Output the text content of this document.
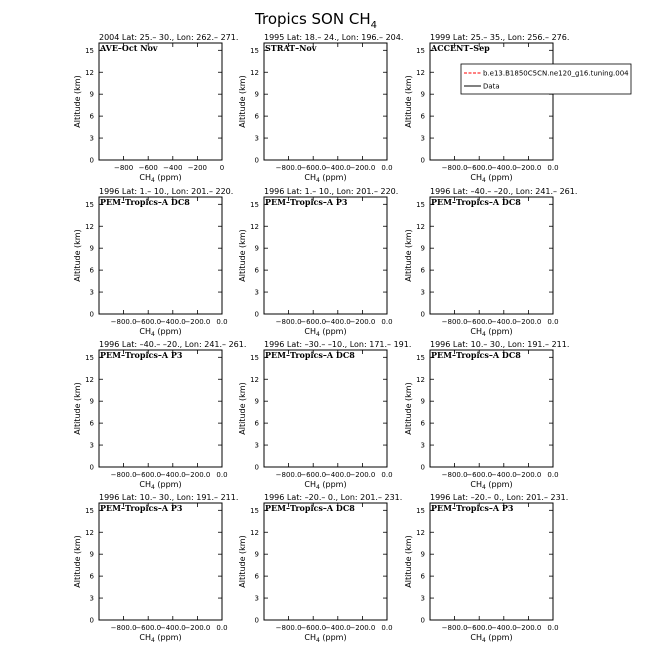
Tropics SON $CH_4$
2004 Lat: 25.– 30., Lon: 262.– 271.
AVE–Oct Nov
−800 −600 −400 −200 0
0
3
6
9
12
15
$CH_4$ (ppm)
Altitude (km)
1995 Lat: 18.– 24., Lon: 196.– 204.
STRAT–Nov
−800.0
−600.0
−400.0
−200.0 0.0
0
3
6
9
12
15
$CH_4$ (ppm)
Altitude (km)
1999 Lat: 25.– 35., Lon: 256.– 276.
ACCENT–Sep
−800.0
−600.0
−400.0
−200.0 0.0
0
3
6
9
12
15
$CH_4$ (ppm)
Altitude (km)
1996 Lat: 1.– 10., Lon: 201.– 220.
PEM–Tropics–A DC8
−800.0
−600.0
−400.0
−200.0 0.0
0
3
6
9
12
15
$CH_4$ (ppm)
Altitude (km)
1996 Lat: 1.– 10., Lon: 201.– 220.
PEM–Tropics–A P3
−800.0
−600.0
−400.0
−200.0 0.0
0
3
6
9
12
15
$CH_4$ (ppm)
Altitude (km)
1996 Lat: –40.– –20., Lon: 241.– 261.
PEM–Tropics–A DC8
−800.0
−600.0
−400.0
−200.0 0.0
0
3
6
9
12
15
$CH_4$ (ppm)
Altitude (km)
1996 Lat: –40.– –20., Lon: 241.– 261.
PEM–Tropics–A P3
−800.0
−600.0
−400.0
−200.0 0.0
0
3
6
9
12
15
$CH_4$ (ppm)
Altitude (km)
1996 Lat: –30.– –10., Lon: 171.– 191.
PEM–Tropics–A DC8
−800.0
−600.0
−400.0
−200.0 0.0
0
3
6
9
12
15
$CH_4$ (ppm)
Altitude (km)
1996 Lat: 10.– 30., Lon: 191.– 211.
PEM–Tropics–A DC8
−800.0
−600.0
−400.0
−200.0 0.0
0
3
6
9
12
15
$CH_4$ (ppm)
Altitude (km)
1996 Lat: 10.– 30., Lon: 191.– 211.
PEM–Tropics–A P3
−800.0
−600.0
−400.0
−200.0 0.0
0
3
6
9
12
15
$CH_4$ (ppm)
Altitude (km)
1996 Lat: –20.– 0., Lon: 201.– 231.
PEM–Tropics–A DC8
−800.0
−600.0
−400.0
−200.0 0.0
0
3
6
9
12
15
$CH_4$ (ppm)
Altitude (km)
1996 Lat: –20.– 0., Lon: 201.– 231.
PEM–Tropics–A P3
−800.0
−600.0
−400.0
−200.0 0.0
0
3
6
9
12
15
$CH_4$ (ppm)
Altitude (km)
b.e13.B1850C5CN.ne120_g16.tuning.004
Data
